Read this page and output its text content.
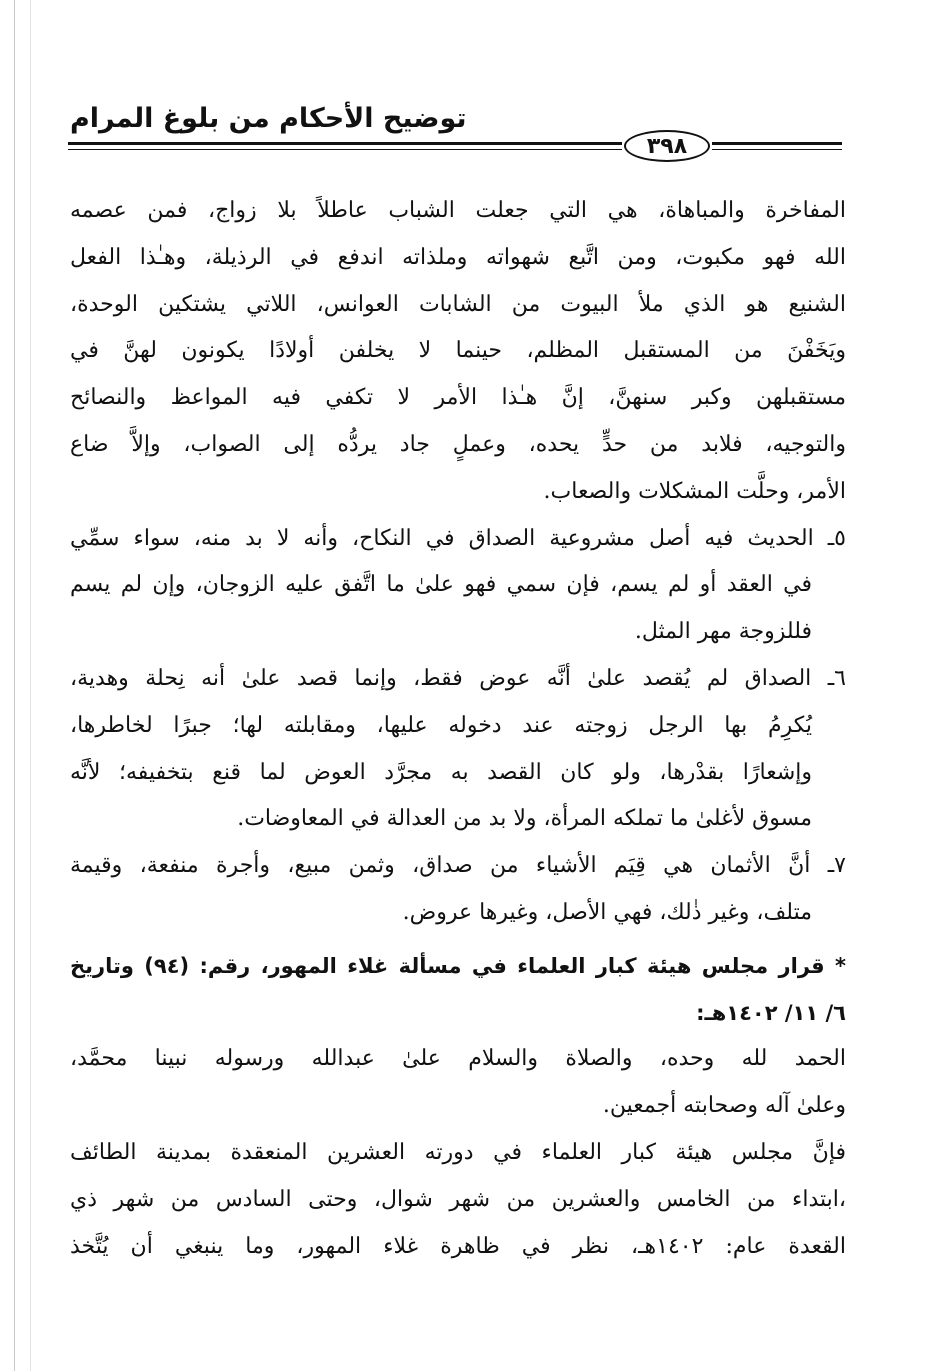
توضيح الأحكام من بلوغ المرام
٣٩٨
المفاخرة والمباهاة، هي التي جعلت الشباب عاطلاً بلا زواج، فمن عصمه
الله فهو مكبوت، ومن اتَّبع شهواته وملذاته اندفع في الرذيلة، وهـٰذا الفعل
الشنيع هو الذي ملأ البيوت من الشابات العوانس، اللاتي يشتكين الوحدة،
ويَخَفْنَ من المستقبل المظلم، حينما لا يخلفن أولادًا يكونون لهنَّ في
مستقبلهن وكبر سنهنَّ، إنَّ هـٰذا الأمر لا تكفي فيه المواعظ والنصائح
والتوجيه، فلابد من حدٍّ يحده، وعملٍ جاد يردُّه إلى الصواب، وإلاَّ ضاع
الأمر، وحلَّت المشكلات والصعاب.
٥ـ الحديث فيه أصل مشروعية الصداق في النكاح، وأنه لا بد منه، سواء سمِّي
في العقد أو لم يسم، فإن سمي فهو علىٰ ما اتَّفق عليه الزوجان، وإن لم يسم
فللزوجة مهر المثل.
٦ـ الصداق لم يُقصد علىٰ أنَّه عوض فقط، وإنما قصد علىٰ أنه نِحلة وهدية،
يُكرِمُ بها الرجل زوجته عند دخوله عليها، ومقابلته لها؛ جبرًا لخاطرها،
وإشعارًا بقدْرها، ولو كان القصد به مجرَّد العوض لما قنع بتخفيفه؛ لأنَّه
مسوق لأغلىٰ ما تملكه المرأة، ولا بد من العدالة في المعاوضات.
٧ـ أنَّ الأثمان هي قِيَم الأشياء من صداق، وثمن مبيع، وأجرة منفعة، وقيمة
متلف، وغير ذٰلك، فهي الأصل، وغيرها عروض.
* قرار مجلس هيئة كبار العلماء في مسألة غلاء المهور، رقم: (٩٤) وتاريخ
٦/ ١١/ ١٤٠٢هـ:
الحمد لله وحده، والصلاة والسلام علىٰ عبدالله ورسوله نبينا محمَّد،
وعلىٰ آله وصحابته أجمعين.
فإنَّ مجلس هيئة كبار العلماء في دورته العشرين المنعقدة بمدينة الطائف
،ابتداء من الخامس والعشرين من شهر شوال، وحتى السادس من شهر ذي
القعدة عام: ١٤٠٢هـ، نظر في ظاهرة غلاء المهور، وما ينبغي أن يُتَّخذ
